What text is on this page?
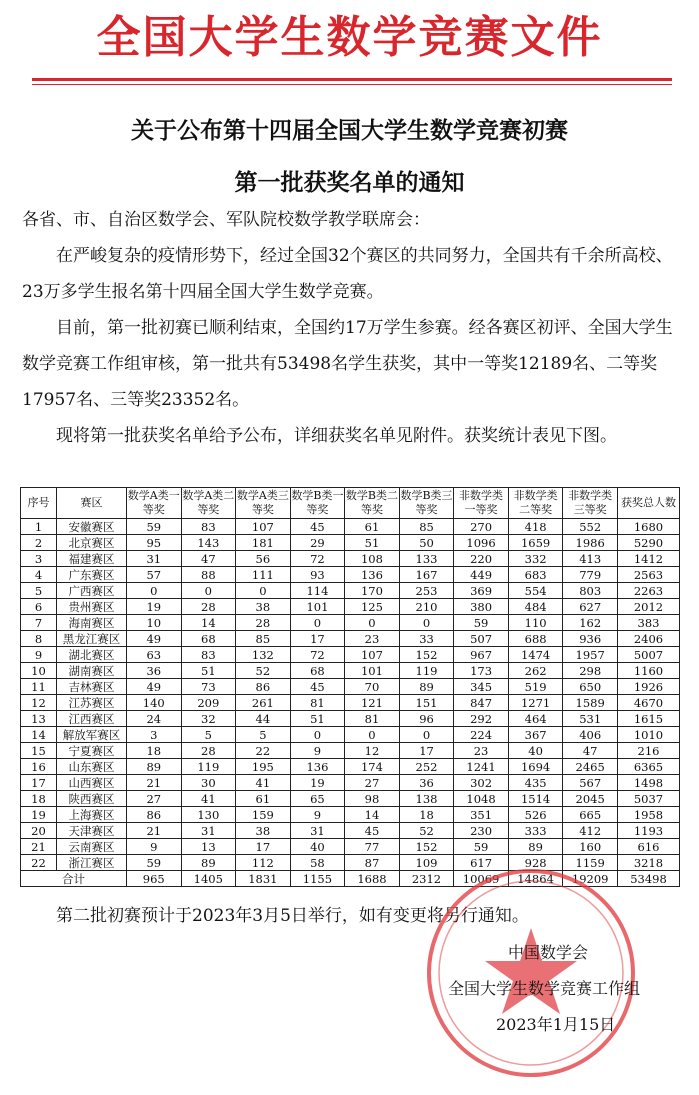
全国大学生数学竞赛文件
关于公布第十四届全国大学生数学竞赛初赛
第一批获奖名单的通知
各省、市、自治区数学会、军队院校数学教学联席会：
在严峻复杂的疫情形势下，经过全国32个赛区的共同努力，全国共有千余所高校、23万多学生报名第十四届全国大学生数学竞赛。
目前，第一批初赛已顺利结束，全国约17万学生参赛。经各赛区初评、全国大学生数学竞赛工作组审核，第一批共有53498名学生获奖，其中一等奖12189名、二等奖17957名、三等奖23352名。
现将第一批获奖名单给予公布，详细获奖名单见附件。获奖统计表见下图。
序号	赛区	数学A类一等奖	数学A类二等奖	数学A类三等奖	数学B类一等奖	数学B类二等奖	数学B类三等奖	非数学类一等奖	非数学类二等奖	非数学类三等奖	获奖总人数
1	安徽赛区	59	83	107	45	61	85	270	418	552	1680
2	北京赛区	95	143	181	29	51	50	1096	1659	1986	5290
3	福建赛区	31	47	56	72	108	133	220	332	413	1412
4	广东赛区	57	88	111	93	136	167	449	683	779	2563
5	广西赛区	0	0	0	114	170	253	369	554	803	2263
6	贵州赛区	19	28	38	101	125	210	380	484	627	2012
7	海南赛区	10	14	28	0	0	0	59	110	162	383
8	黑龙江赛区	49	68	85	17	23	33	507	688	936	2406
9	湖北赛区	63	83	132	72	107	152	967	1474	1957	5007
10	湖南赛区	36	51	52	68	101	119	173	262	298	1160
11	吉林赛区	49	73	86	45	70	89	345	519	650	1926
12	江苏赛区	140	209	261	81	121	151	847	1271	1589	4670
13	江西赛区	24	32	44	51	81	96	292	464	531	1615
14	解放军赛区	3	5	5	0	0	0	224	367	406	1010
15	宁夏赛区	18	28	22	9	12	17	23	40	47	216
16	山东赛区	89	119	195	136	174	252	1241	1694	2465	6365
17	山西赛区	21	30	41	19	27	36	302	435	567	1498
18	陕西赛区	27	41	61	65	98	138	1048	1514	2045	5037
19	上海赛区	86	130	159	9	14	18	351	526	665	1958
20	天津赛区	21	31	38	31	45	52	230	333	412	1193
21	云南赛区	9	13	17	40	77	152	59	89	160	616
22	浙江赛区	59	89	112	58	87	109	617	928	1159	3218
合计		965	1405	1831	1155	1688	2312	10069	14864	19209	53498
第二批初赛预计于2023年3月5日举行，如有变更将另行通知。
中国数学会
全国大学生数学竞赛工作组
2023年1月15日
